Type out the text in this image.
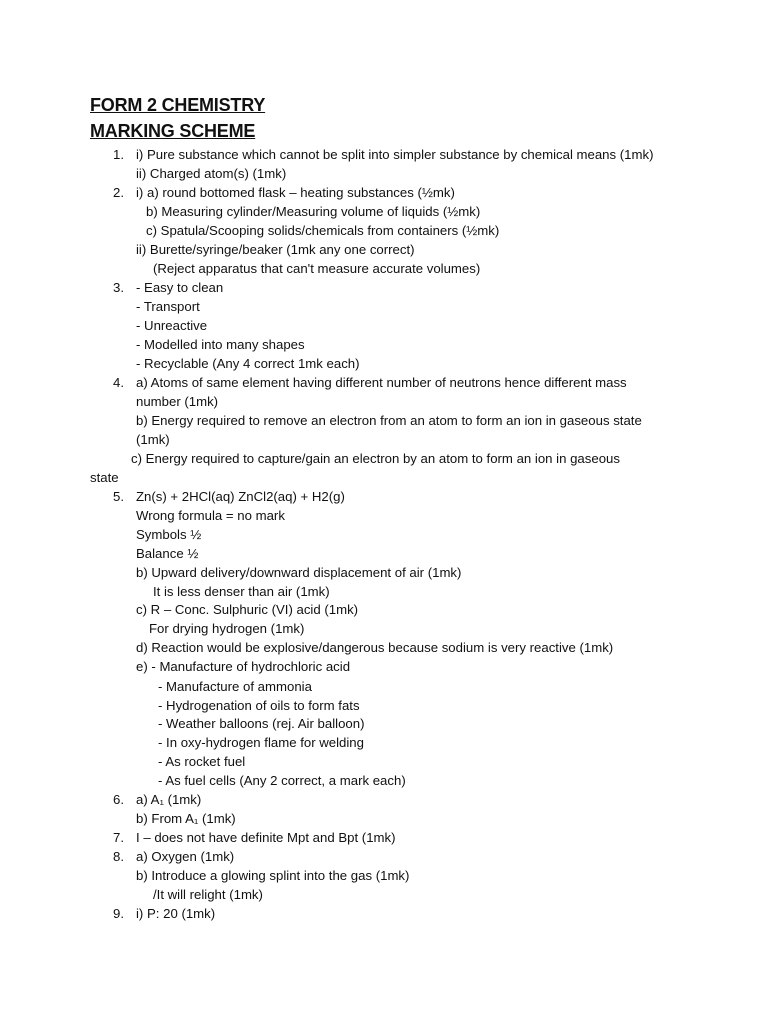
FORM 2 CHEMISTRY
MARKING SCHEME
1. i) Pure substance which cannot be split into simpler substance by chemical means (1mk)
ii) Charged atom(s) (1mk)
2. i) a) round bottomed flask – heating substances (½mk)
b) Measuring cylinder/Measuring volume of liquids (½mk)
c) Spatula/Scooping solids/chemicals from containers (½mk)
ii) Burette/syringe/beaker (1mk any one correct)
(Reject apparatus that can't measure accurate volumes)
3. - Easy to clean
- Transport
- Unreactive
- Modelled into many shapes
- Recyclable (Any 4 correct 1mk each)
4. a) Atoms of same element having different number of neutrons hence different mass
number (1mk)
b) Energy required to remove an electron from an atom to form an ion in gaseous state
(1mk)
c) Energy required to capture/gain an electron by an atom to form an ion in gaseous
state
5. Zn(s) + 2HCl(aq) ZnCl2(aq) + H2(g)
Wrong formula = no mark
Symbols ½
Balance ½
b) Upward delivery/downward displacement of air (1mk)
It is less denser than air (1mk)
c) R – Conc. Sulphuric (VI) acid (1mk)
For drying hydrogen (1mk)
d) Reaction would be explosive/dangerous because sodium is very reactive (1mk)
e) - Manufacture of hydrochloric acid
- Manufacture of ammonia
- Hydrogenation of oils to form fats
- Weather balloons (rej. Air balloon)
- In oxy-hydrogen flame for welding
- As rocket fuel
- As fuel cells (Any 2 correct, a mark each)
6. a) A₁ (1mk)
b) From A₁ (1mk)
7. I – does not have definite Mpt and Bpt (1mk)
8. a) Oxygen (1mk)
b) Introduce a glowing splint into the gas (1mk)
/It will relight (1mk)
9. i) P: 20 (1mk)
